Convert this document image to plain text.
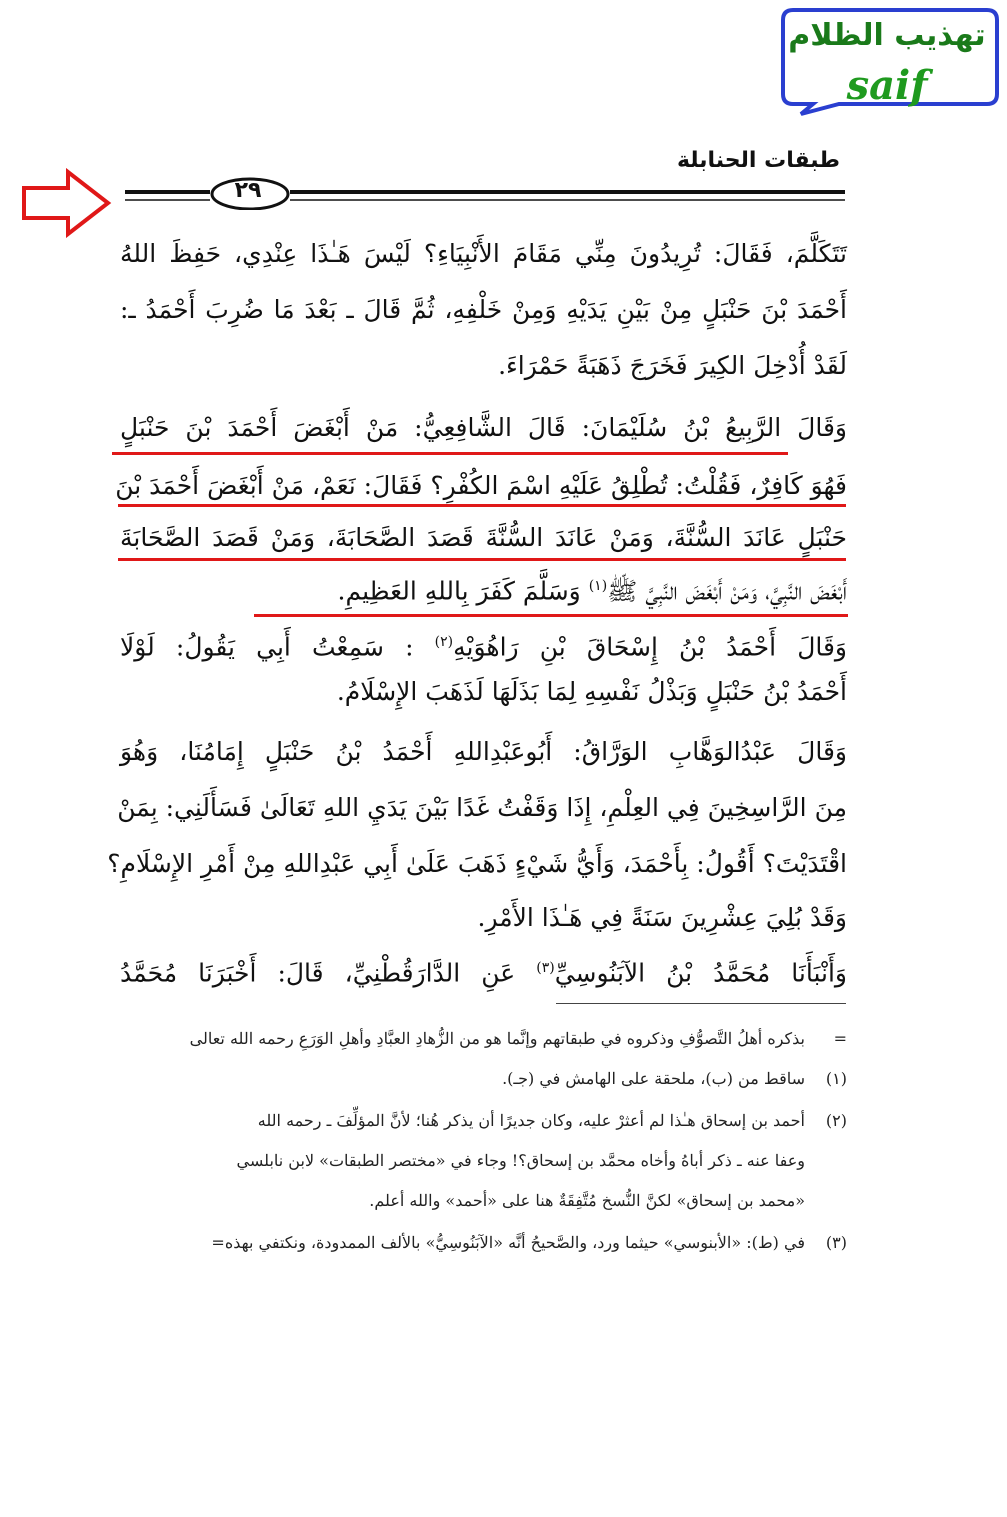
تهذيب الظلام
saif
طبقات الحنابلة
٢٩
تَتَكَلَّمَ، فَقَالَ: تُرِيدُونَ مِنِّي مَقَامَ الأَنْبِيَاءِ؟ لَيْسَ هَـٰذَا عِنْدِي، حَفِظَ اللهُ
أَحْمَدَ بْنَ حَنْبَلٍ مِنْ بَيْنِ يَدَيْهِ وَمِنْ خَلْفِهِ، ثُمَّ قَالَ ـ بَعْدَ مَا ضُرِبَ أَحْمَدُ ـ:
لَقَدْ أُدْخِلَ الكِيرَ فَخَرَجَ ذَهَبَةً حَمْرَاءَ.
وَقَالَ الرَّبِيعُ بْنُ سُلَيْمَانَ: قَالَ الشَّافِعِيُّ: مَنْ أَبْغَضَ أَحْمَدَ بْنَ حَنْبَلٍ
فَهُوَ كَافِرٌ، فَقُلْتُ: تُطْلِقُ عَلَيْهِ اسْمَ الكُفْرِ؟ فَقَالَ: نَعَمْ، مَنْ أَبْغَضَ أَحْمَدَ بْنَ
حَنْبَلٍ عَانَدَ السُّنَّةَ، وَمَنْ عَانَدَ السُّنَّةَ قَصَدَ الصَّحَابَةَ، وَمَنْ قَصَدَ الصَّحَابَةَ
أَبْغَضَ النَّبِيَّ، وَمَنْ أَبْغَضَ النَّبِيَّ ﷺ$^{(١)}$ وَسَلَّمَ كَفَرَ بِاللهِ العَظِيمِ.
وَقَالَ أَحْمَدُ بْنُ إِسْحَاقَ بْنِ رَاهُوَيْهِ$^{(٢)}$ : سَمِعْتُ أَبِي يَقُولُ: لَوْلَا
أَحْمَدُ بْنُ حَنْبَلٍ وَبَذْلُ نَفْسِهِ لِمَا بَذَلَهَا لَذَهَبَ الإِسْلَامُ.
وَقَالَ عَبْدُالوَهَّابِ الوَرَّاقُ: أَبُوعَبْدِاللهِ أَحْمَدُ بْنُ حَنْبَلٍ إِمَامُنَا، وَهُوَ
مِنَ الرَّاسِخِينَ فِي العِلْمِ، إِذَا وَقَفْتُ غَدًا بَيْنَ يَدَيِ اللهِ تَعَالَىٰ فَسَأَلَنِي: بِمَنْ
اقْتَدَيْتَ؟ أَقُولُ: بِأَحْمَدَ، وَأَيُّ شَيْءٍ ذَهَبَ عَلَىٰ أَبِي عَبْدِاللهِ مِنْ أَمْرِ الإِسْلَامِ؟
وَقَدْ بُلِيَ عِشْرِينَ سَنَةً فِي هَـٰذَا الأَمْرِ.
وَأَنْبَأَنَا مُحَمَّدُ بْنُ الآبَنُوسِيِّ$^{(٣)}$ عَنِ الدَّارَقُطْنِيِّ، قَالَ: أَخْبَرَنَا مُحَمَّدُ
=بذكره أهلُ التَّصوُّفِ وذكروه في طبقاتهم وإنَّما هو من الزُّهادِ العبَّادِ وأهلِ الوَرَعِ رحمه الله تعالى
(١)ساقط من (ب)، ملحقة على الهامش في (جـ).
(٢)أحمد بن إسحاق هـٰذا لم أعثرْ عليه، وكان جديرًا أن يذكر هُنا؛ لأنَّ المؤلِّفَ ـ رحمه الله
وعفا عنه ـ ذكر أباهُ وأخاه محمَّد بن إسحاق؟! وجاء في «مختصر الطبقات» لابن نابلسي
«محمد بن إسحاق» لكنَّ النُّسخ مُتَّفِقَةٌ هنا على «أحمد» والله أعلم.
(٣)في (ط): «الأبنوسي» حيثما ورد، والصَّحيحُ أنَّه «الآبَنُوسِيُّ» بالألف الممدودة، ونكتفي بهذه=
